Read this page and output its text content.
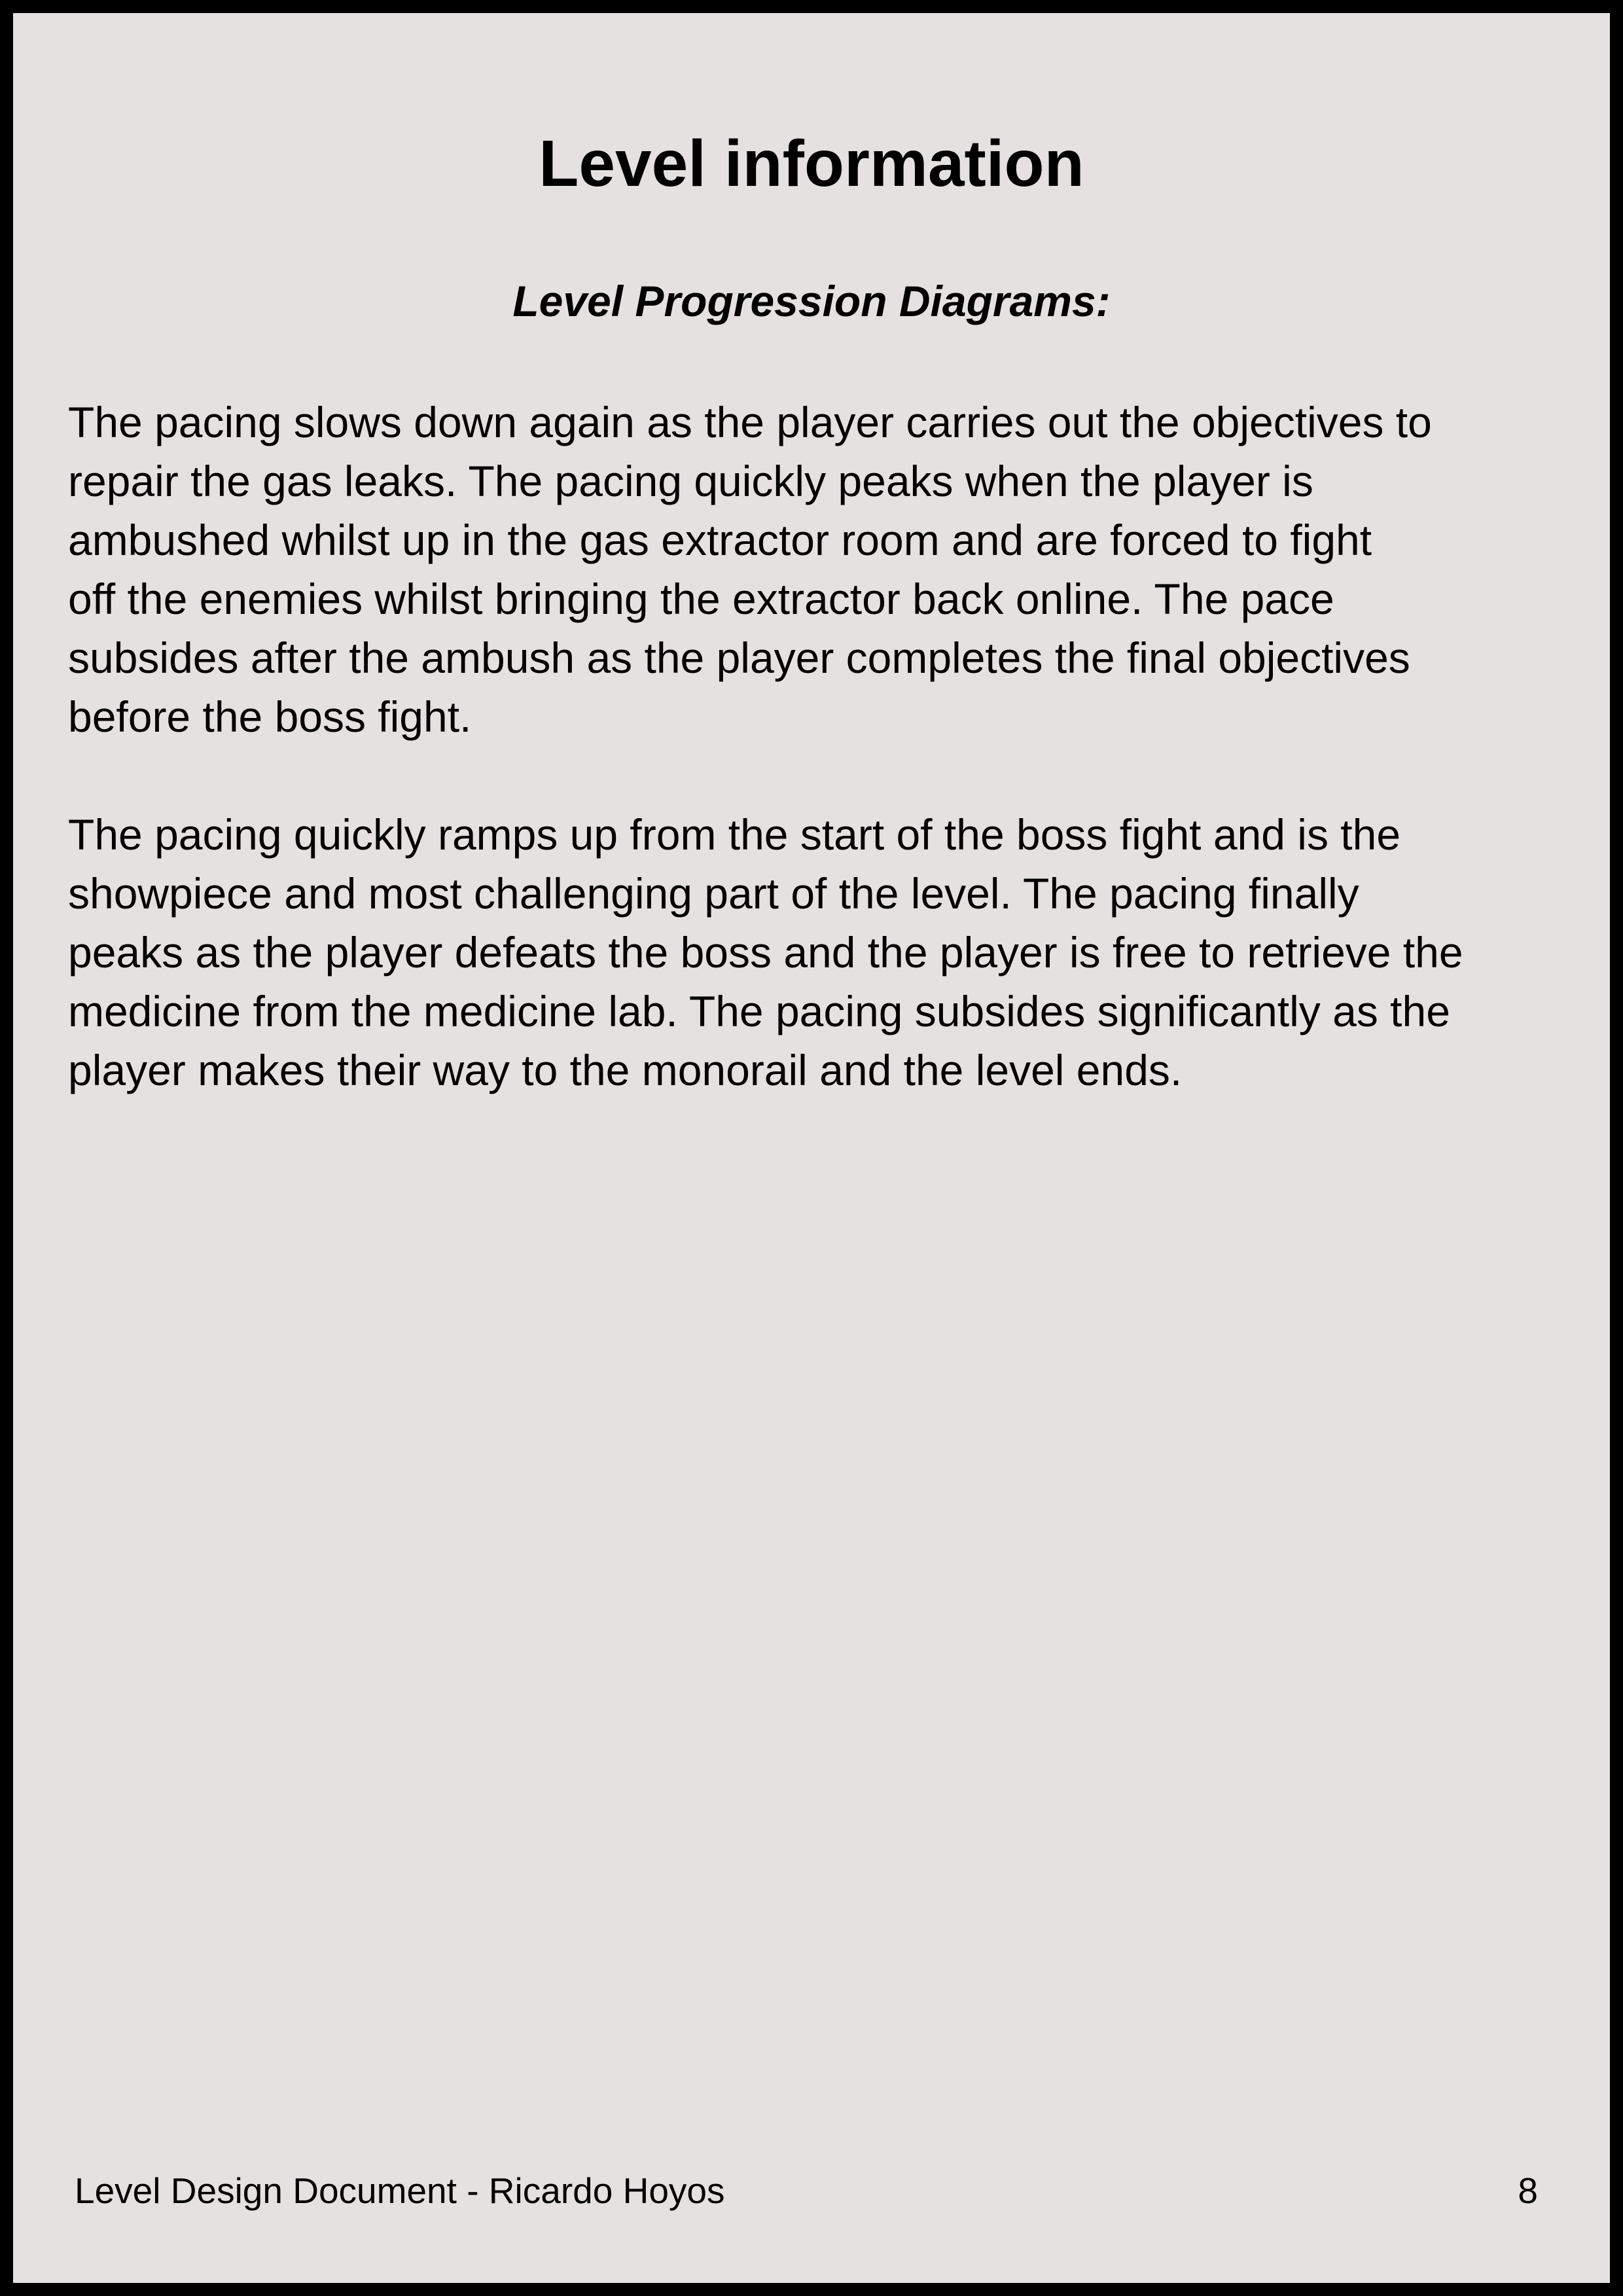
Level information
Level Progression Diagrams:

The pacing slows down again as the player carries out the objectives to
repair the gas leaks. The pacing quickly peaks when the player is
ambushed whilst up in the gas extractor room and are forced to fight
off the enemies whilst bringing the extractor back online. The pace
subsides after the ambush as the player completes the final objectives
before the boss fight.

The pacing quickly ramps up from the start of the boss fight and is the
showpiece and most challenging part of the level. The pacing finally
peaks as the player defeats the boss and the player is free to retrieve the
medicine from the medicine lab. The pacing subsides significantly as the
player makes their way to the monorail and the level ends.

Level Design Document - Ricardo Hoyos	8
